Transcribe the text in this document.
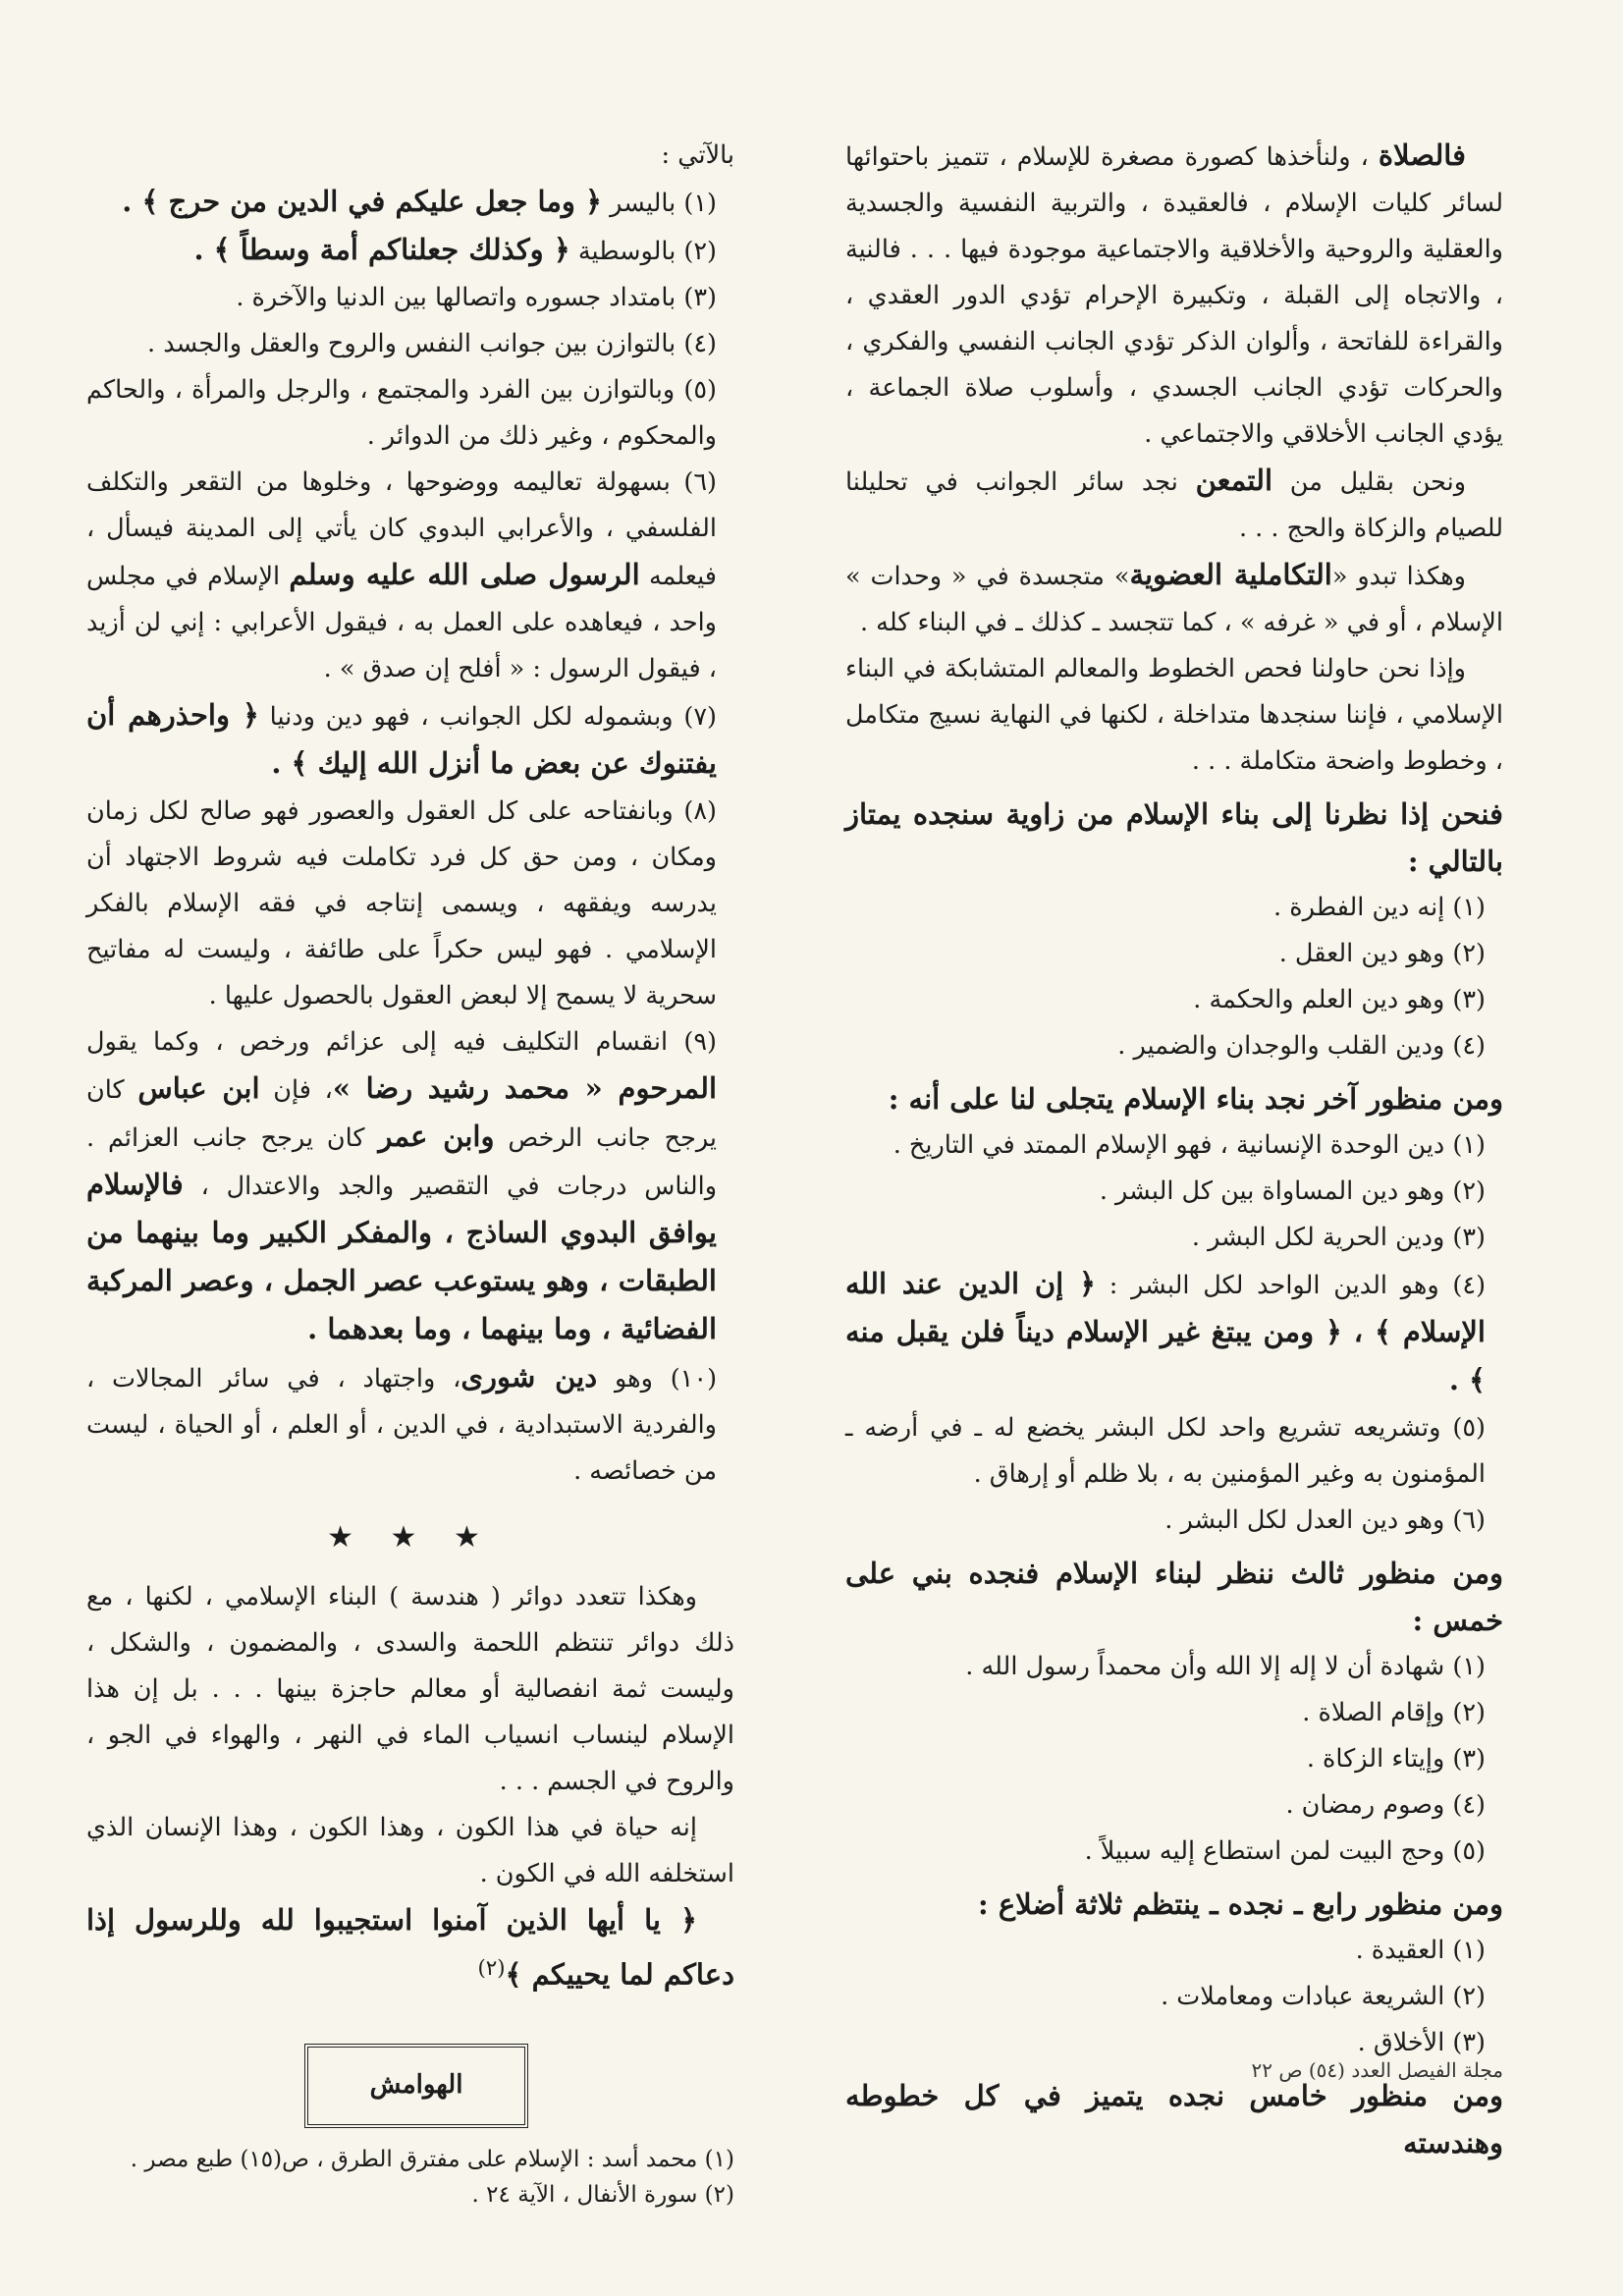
فالصلاة ، ولنأخذها كصورة مصغرة للإسلام ، تتميز باحتوائها لسائر كليات الإسلام ، فالعقيدة ، والتربية النفسية والجسدية والعقلية والروحية والأخلاقية والاجتماعية موجودة فيها . . . فالنية ، والاتجاه إلى القبلة ، وتكبيرة الإحرام تؤدي الدور العقدي ، والقراءة للفاتحة ، وألوان الذكر تؤدي الجانب النفسي والفكري ، والحركات تؤدي الجانب الجسدي ، وأسلوب صلاة الجماعة ، يؤدي الجانب الأخلاقي والاجتماعي .

ونحن بقليل من التمعن نجد سائر الجوانب في تحليلنا للصيام والزكاة والحج . . .

وهكذا تبدو «التكاملية العضوية» متجسدة في « وحدات » الإسلام ، أو في « غرفه » ، كما تتجسد ـ كذلك ـ في البناء كله .

وإذا نحن حاولنا فحص الخطوط والمعالم المتشابكة في البناء الإسلامي ، فإننا سنجدها متداخلة ، لكنها في النهاية نسيج متكامل ، وخطوط واضحة متكاملة . . .

فنحن إذا نظرنا إلى بناء الإسلام من زاوية سنجده يمتاز بالتالي :

(١) إنه دين الفطرة .

(٢) وهو دين العقل .

(٣) وهو دين العلم والحكمة .

(٤) ودين القلب والوجدان والضمير .

ومن منظور آخر نجد بناء الإسلام يتجلى لنا على أنه :

(١) دين الوحدة الإنسانية ، فهو الإسلام الممتد في التاريخ .

(٢) وهو دين المساواة بين كل البشر .

(٣) ودين الحرية لكل البشر .

(٤) وهو الدين الواحد لكل البشر : ﴿ إن الدين عند الله الإسلام ﴾ ، ﴿ ومن يبتغ غير الإسلام ديناً فلن يقبل منه ﴾ .

(٥) وتشريعه تشريع واحد لكل البشر يخضع له ـ في أرضه ـ المؤمنون به وغير المؤمنين به ، بلا ظلم أو إرهاق .

(٦) وهو دين العدل لكل البشر .

ومن منظور ثالث ننظر لبناء الإسلام فنجده بني على خمس :

(١) شهادة أن لا إله إلا الله وأن محمداً رسول الله .

(٢) وإقام الصلاة .

(٣) وإيتاء الزكاة .

(٤) وصوم رمضان .

(٥) وحج البيت لمن استطاع إليه سبيلاً .

ومن منظور رابع ـ نجده ـ ينتظم ثلاثة أضلاع :

(١) العقيدة .

(٢) الشريعة عبادات ومعاملات .

(٣) الأخلاق .

ومن منظور خامس نجده يتميز في كل خطوطه وهندسته

بالآتي :

(١) باليسر ﴿ وما جعل عليكم في الدين من حرج ﴾ .

(٢) بالوسطية ﴿ وكذلك جعلناكم أمة وسطاً ﴾ .

(٣) بامتداد جسوره واتصالها بين الدنيا والآخرة .

(٤) بالتوازن بين جوانب النفس والروح والعقل والجسد .

(٥) وبالتوازن بين الفرد والمجتمع ، والرجل والمرأة ، والحاكم والمحكوم ، وغير ذلك من الدوائر .

(٦) بسهولة تعاليمه ووضوحها ، وخلوها من التقعر والتكلف الفلسفي ، والأعرابي البدوي كان يأتي إلى المدينة فيسأل ، فيعلمه الرسول صلى الله عليه وسلم الإسلام في مجلس واحد ، فيعاهده على العمل به ، فيقول الأعرابي : إني لن أزيد ، فيقول الرسول : « أفلح إن صدق » .

(٧) وبشموله لكل الجوانب ، فهو دين ودنيا ﴿ واحذرهم أن يفتنوك عن بعض ما أنزل الله إليك ﴾ .

(٨) وبانفتاحه على كل العقول والعصور فهو صالح لكل زمان ومكان ، ومن حق كل فرد تكاملت فيه شروط الاجتهاد أن يدرسه ويفقهه ، ويسمى إنتاجه في فقه الإسلام بالفكر الإسلامي . فهو ليس حكراً على طائفة ، وليست له مفاتيح سحرية لا يسمح إلا لبعض العقول بالحصول عليها .

(٩) انقسام التكليف فيه إلى عزائم ورخص ، وكما يقول المرحوم « محمد رشيد رضا »، فإن ابن عباس كان يرجح جانب الرخص وابن عمر كان يرجح جانب العزائم . والناس درجات في التقصير والجد والاعتدال ، فالإسلام يوافق البدوي الساذج ، والمفكر الكبير وما بينهما من الطبقات ، وهو يستوعب عصر الجمل ، وعصر المركبة الفضائية ، وما بينهما ، وما بعدهما .

(١٠) وهو دين شورى، واجتهاد ، في سائر المجالات ، والفردية الاستبدادية ، في الدين ، أو العلم ، أو الحياة ، ليست من خصائصه .

★ ★ ★

وهكذا تتعدد دوائر ( هندسة ) البناء الإسلامي ، لكنها ، مع ذلك دوائر تنتظم اللحمة والسدى ، والمضمون ، والشكل ، وليست ثمة انفصالية أو معالم حاجزة بينها . . . بل إن هذا الإسلام لينساب انسياب الماء في النهر ، والهواء في الجو ، والروح في الجسم . . .

إنه حياة في هذا الكون ، وهذا الكون ، وهذا الإنسان الذي استخلفه الله في الكون .

﴿ يا أيها الذين آمنوا استجيبوا لله وللرسول إذا دعاكم لما يحييكم ﴾$^{(٢)}$

الهوامش

(١) محمد أسد : الإسلام على مفترق الطرق ، ص(١٥) طبع مصر .

(٢) سورة الأنفال ، الآية ٢٤ .

مجلة الفيصل العدد (٥٤) ص ٢٢
